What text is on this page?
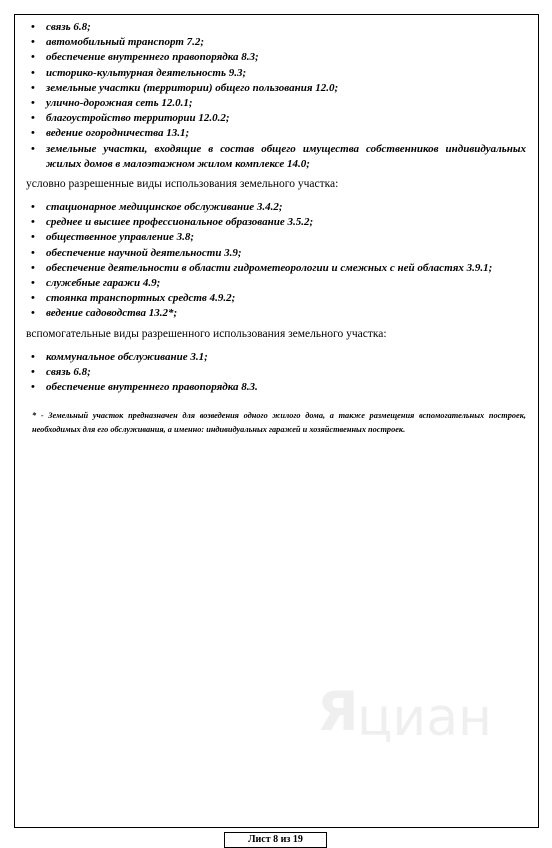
• связь 6.8;
• автомобильный транспорт 7.2;
• обеспечение внутреннего правопорядка 8.3;
• историко-культурная деятельность 9.3;
• земельные участки (территории) общего пользования 12.0;
• улично-дорожная сеть 12.0.1;
• благоустройство территории 12.0.2;
• ведение огородничества 13.1;
• земельные участки, входящие в состав общего имущества собственников индивидуальных жилых домов в малоэтажном жилом комплексе 14.0;
условно разрешенные виды использования земельного участка:
• стационарное медицинское обслуживание 3.4.2;
• среднее и высшее профессиональное образование 3.5.2;
• общественное управление 3.8;
• обеспечение научной деятельности 3.9;
• обеспечение деятельности в области гидрометеорологии и смежных с ней областях 3.9.1;
• служебные гаражи 4.9;
• стоянка транспортных средств 4.9.2;
• ведение садоводства 13.2*;
вспомогательные виды разрешенного использования земельного участка:
• коммунальное обслуживание 3.1;
• связь 6.8;
• обеспечение внутреннего правопорядка 8.3.
* - Земельный участок предназначен для возведения одного жилого дома, а также размещения вспомогательных построек, необходимых для его обслуживания, а именно: индивидуальных гаражей и хозяйственных построек.
Я
циан
Лист 8 из 19
